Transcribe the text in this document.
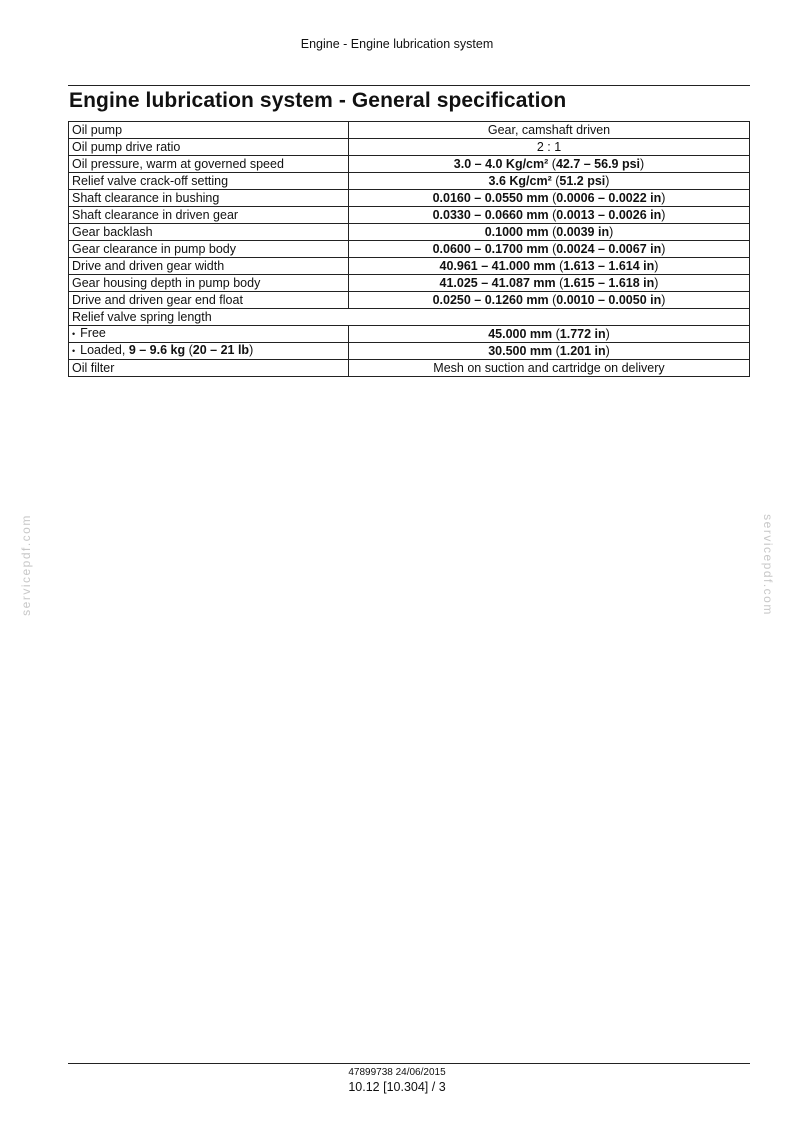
Engine - Engine lubrication system
Engine lubrication system - General specification
Oil pump	Gear, camshaft driven
Oil pump drive ratio	2 : 1
Oil pressure, warm at governed speed	3.0 – 4.0 Kg/cm² (42.7 – 56.9 psi)
Relief valve crack-off setting	3.6 Kg/cm² (51.2 psi)
Shaft clearance in bushing	0.0160 – 0.0550 mm (0.0006 – 0.0022 in)
Shaft clearance in driven gear	0.0330 – 0.0660 mm (0.0013 – 0.0026 in)
Gear backlash	0.1000 mm (0.0039 in)
Gear clearance in pump body	0.0600 – 0.1700 mm (0.0024 – 0.0067 in)
Drive and driven gear width	40.961 – 41.000 mm (1.613 – 1.614 in)
Gear housing depth in pump body	41.025 – 41.087 mm (1.615 – 1.618 in)
Drive and driven gear end float	0.0250 – 0.1260 mm (0.0010 – 0.0050 in)
Relief valve spring length	
• Free	45.000 mm (1.772 in)
• Loaded, 9 – 9.6 kg (20 – 21 lb)	30.500 mm (1.201 in)
Oil filter	Mesh on suction and cartridge on delivery
servicepdf.com	servicepdf.com
47899738 24/06/2015
10.12 [10.304] / 3
